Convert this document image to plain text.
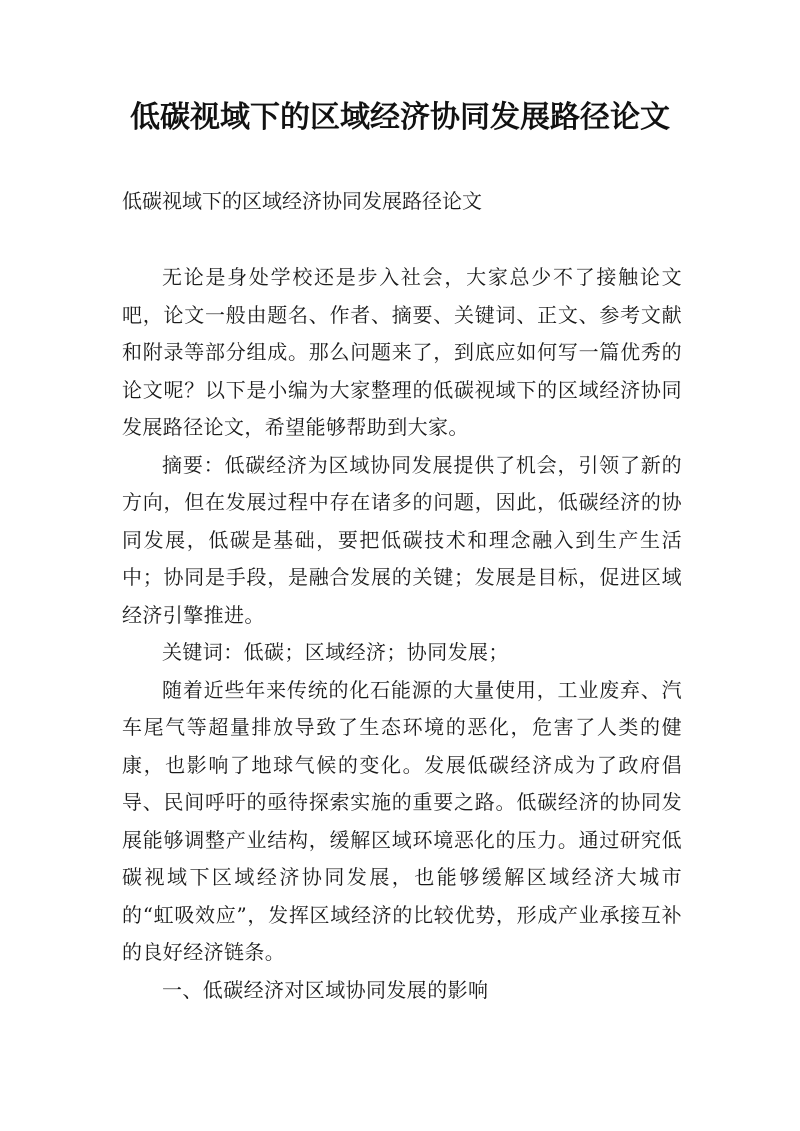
低碳视域下的区域经济协同发展路径论文

低碳视域下的区域经济协同发展路径论文

无论是身处学校还是步入社会，大家总少不了接触论文吧，论文一般由题名、作者、摘要、关键词、正文、参考文献和附录等部分组成。那么问题来了，到底应如何写一篇优秀的论文呢？以下是小编为大家整理的低碳视域下的区域经济协同发展路径论文，希望能够帮助到大家。

摘要：低碳经济为区域协同发展提供了机会，引领了新的方向，但在发展过程中存在诸多的问题，因此，低碳经济的协同发展，低碳是基础，要把低碳技术和理念融入到生产生活中；协同是手段，是融合发展的关键；发展是目标，促进区域经济引擎推进。

关键词：低碳；区域经济；协同发展；

随着近些年来传统的化石能源的大量使用，工业废弃、汽车尾气等超量排放导致了生态环境的恶化，危害了人类的健康，也影响了地球气候的变化。发展低碳经济成为了政府倡导、民间呼吁的亟待探索实施的重要之路。低碳经济的协同发展能够调整产业结构，缓解区域环境恶化的压力。通过研究低碳视域下区域经济协同发展，也能够缓解区域经济大城市的“虹吸效应”，发挥区域经济的比较优势，形成产业承接互补的良好经济链条。

一、低碳经济对区域协同发展的影响
